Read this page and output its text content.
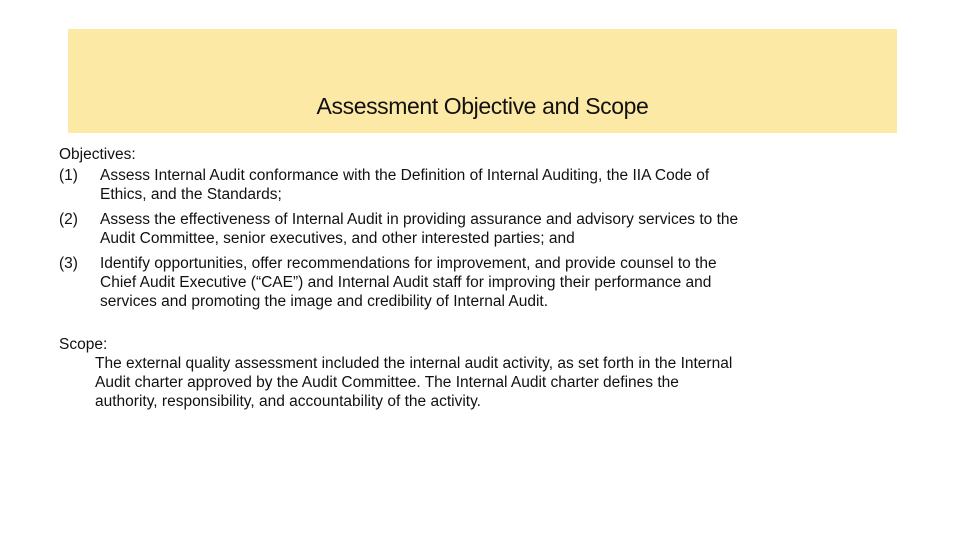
Assessment Objective and Scope

Objectives:

(1) Assess Internal Audit conformance with the Definition of Internal Auditing, the IIA Code of
Ethics, and the Standards;
(2) Assess the effectiveness of Internal Audit in providing assurance and advisory services to the
Audit Committee, senior executives, and other interested parties; and
(3) Identify opportunities, offer recommendations for improvement, and provide counsel to the
Chief Audit Executive (“CAE”) and Internal Audit staff for improving their performance and
services and promoting the image and credibility of Internal Audit.

Scope:

The external quality assessment included the internal audit activity, as set forth in the Internal
Audit charter approved by the Audit Committee. The Internal Audit charter defines the
authority, responsibility, and accountability of the activity.
